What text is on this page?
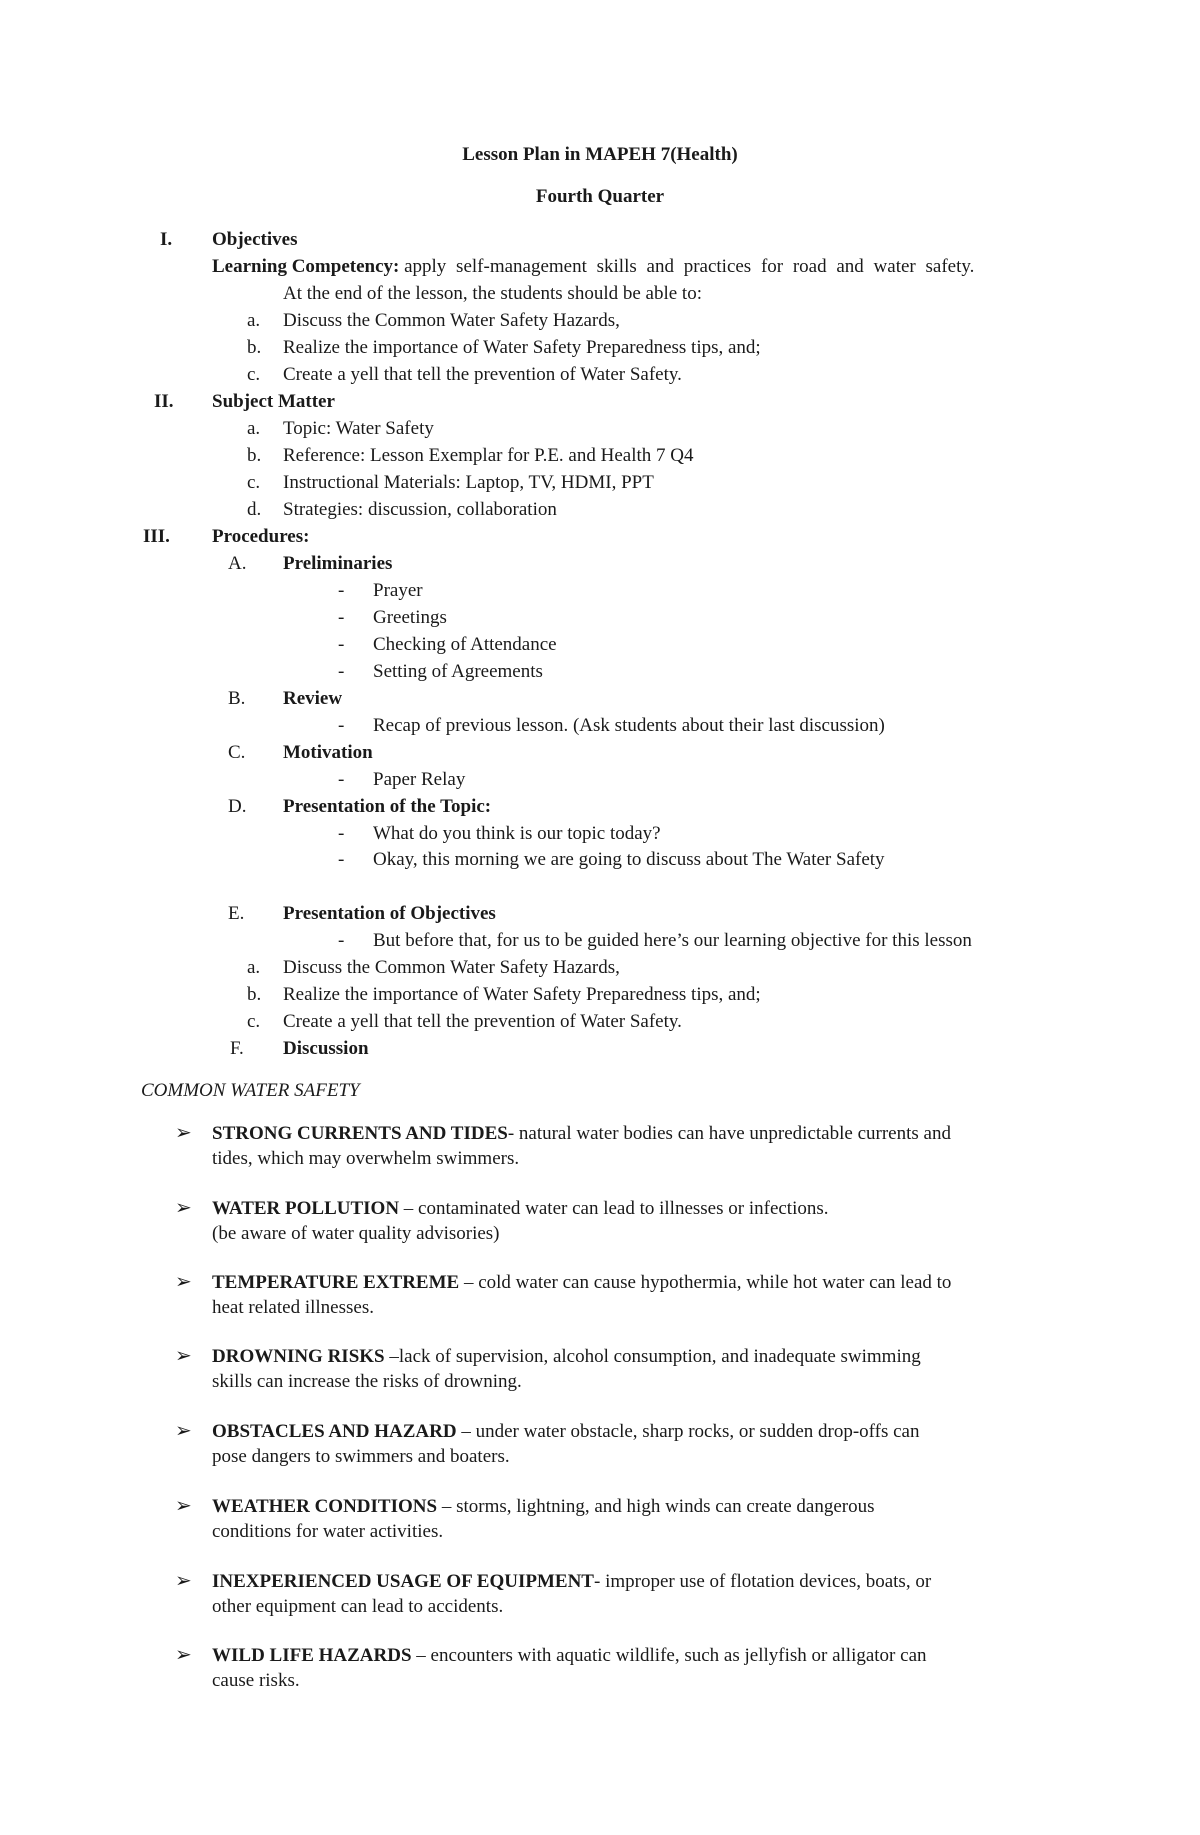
Lesson Plan in MAPEH 7(Health)
Fourth Quarter
I. Objectives
Learning Competency: apply self-management skills and practices for road and water safety.
At the end of the lesson, the students should be able to:
a. Discuss the Common Water Safety Hazards,
b. Realize the importance of Water Safety Preparedness tips, and;
c. Create a yell that tell the prevention of Water Safety.
II. Subject Matter
a. Topic: Water Safety
b. Reference: Lesson Exemplar for P.E. and Health 7 Q4
c. Instructional Materials: Laptop, TV, HDMI, PPT
d. Strategies: discussion, collaboration
III. Procedures:
A. Preliminaries
- Prayer
- Greetings
- Checking of Attendance
- Setting of Agreements
B. Review
- Recap of previous lesson. (Ask students about their last discussion)
C. Motivation
- Paper Relay
D. Presentation of the Topic:
- What do you think is our topic today?
- Okay, this morning we are going to discuss about The Water Safety
E. Presentation of Objectives
- But before that, for us to be guided here’s our learning objective for this lesson
a. Discuss the Common Water Safety Hazards,
b. Realize the importance of Water Safety Preparedness tips, and;
c. Create a yell that tell the prevention of Water Safety.
F. Discussion
COMMON WATER SAFETY
➢ STRONG CURRENTS AND TIDES- natural water bodies can have unpredictable currents and
tides, which may overwhelm swimmers.
➢ WATER POLLUTION – contaminated water can lead to illnesses or infections.
(be aware of water quality advisories)
➢ TEMPERATURE EXTREME – cold water can cause hypothermia, while hot water can lead to
heat related illnesses.
➢ DROWNING RISKS –lack of supervision, alcohol consumption, and inadequate swimming
skills can increase the risks of drowning.
➢ OBSTACLES AND HAZARD – under water obstacle, sharp rocks, or sudden drop-offs can
pose dangers to swimmers and boaters.
➢ WEATHER CONDITIONS – storms, lightning, and high winds can create dangerous
conditions for water activities.
➢ INEXPERIENCED USAGE OF EQUIPMENT- improper use of flotation devices, boats, or
other equipment can lead to accidents.
➢ WILD LIFE HAZARDS – encounters with aquatic wildlife, such as jellyfish or alligator can
cause risks.
